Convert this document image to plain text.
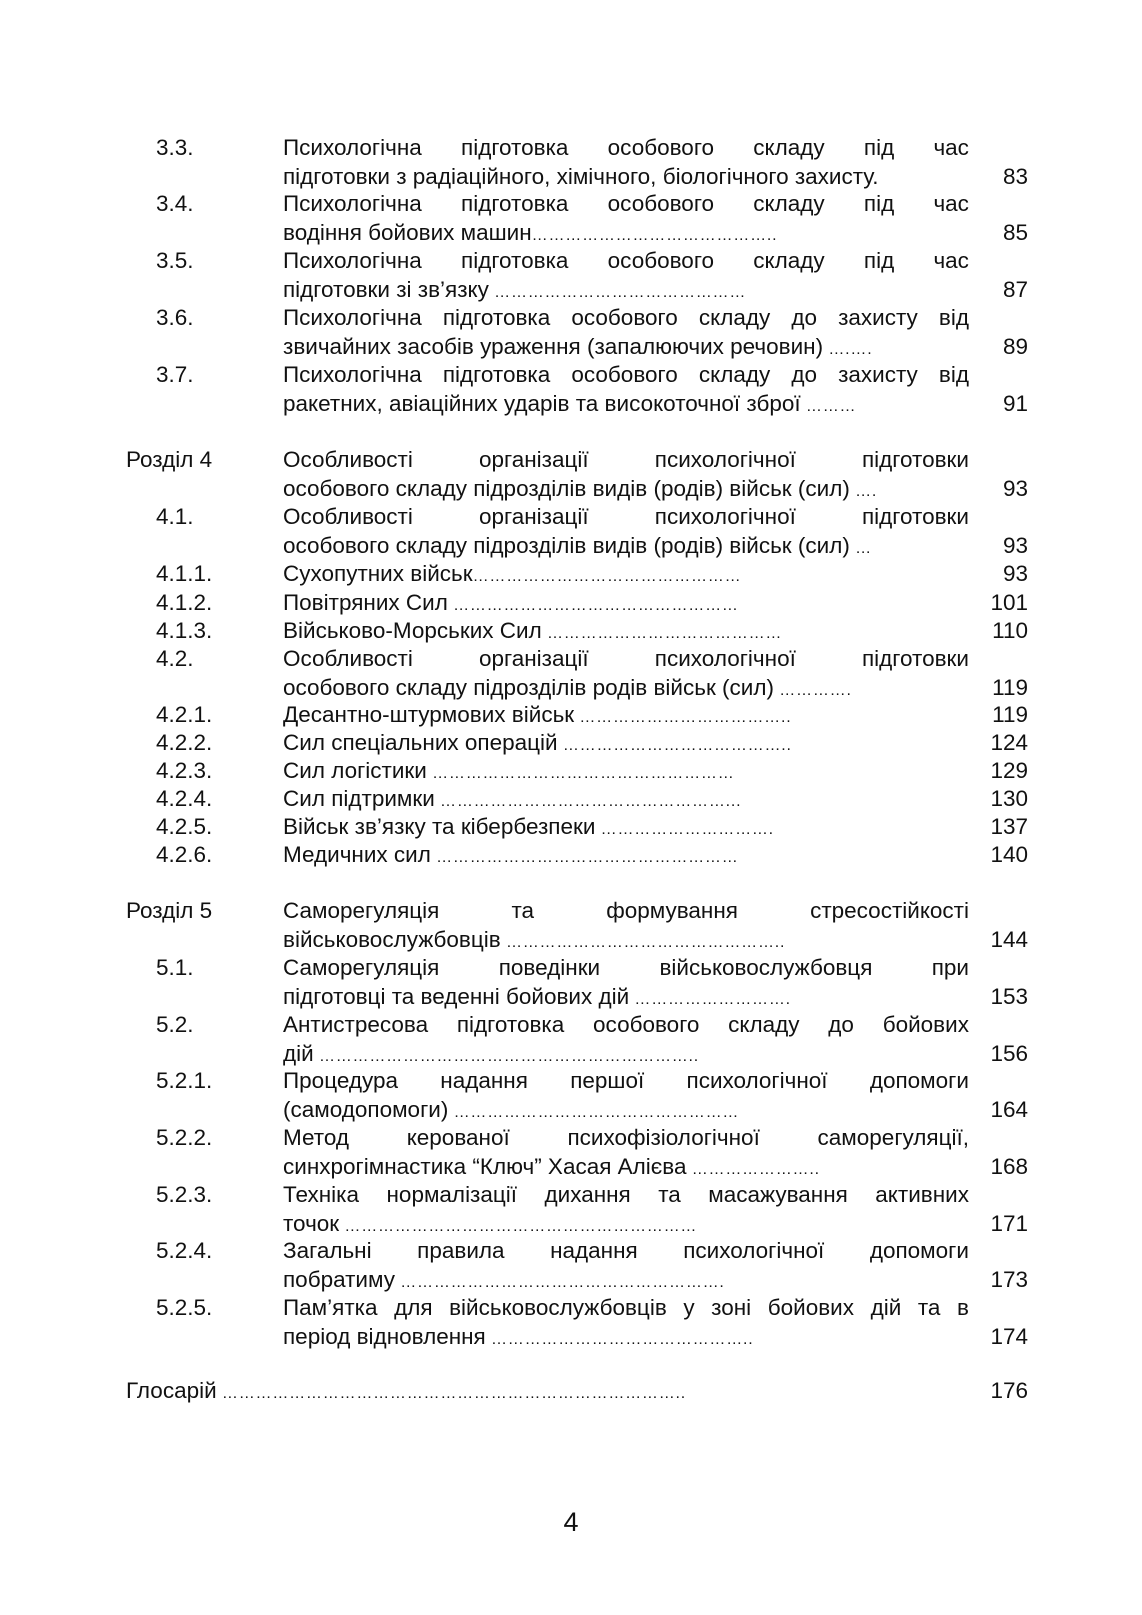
3.3.	Психологічна підготовка особового складу під час
підготовки з радіаційного, хімічного, біологічного захисту.	83
3.4.	Психологічна підготовка особового складу під час
водіння бойових машин ……………………………………..	85
3.5.	Психологічна підготовка особового складу під час
підготовки зі зв’язку ………………………………………	87
3.6.	Психологічна підготовка особового складу до захисту від
звичайних засобів ураження (запалюючих речовин) ….….	89
3.7.	Психологічна підготовка особового складу до захисту від
ракетних, авіаційних ударів та високоточної зброї ………	91
Розділ 4	Особливості	організації	психологічної	підготовки
особового складу підрозділів видів (родів) військ (сил) ….	93
4.1.	Особливості	організації	психологічної	підготовки
особового складу підрозділів видів (родів) військ (сил) …	93
4.1.1.	Сухопутних військ …………………………………………	93
4.1.2.	Повітряних Сил ……………………………………………	101
4.1.3.	Військово-Морських Сил ……………………………………	110
4.2.	Особливості	організації	психологічної	підготовки
особового складу підрозділів родів військ (сил) ………….	119
4.2.1.	Десантно-штурмових військ ………………………………..	119
4.2.2.	Сил спеціальних операцій …………………………………..	124
4.2.3.	Сил логістики ………………………………………………	129
4.2.4.	Сил підтримки ……………………………………………...	130
4.2.5.	Військ зв’язку та кібербезпеки ………………………….	137
4.2.6.	Медичних сил ………………………………………………	140
Розділ 5	Саморегуляція	та	формування	стресостійкості
військовослужбовців …………………………………………..	144
5.1.	Саморегуляція	поведінки	військовослужбовця	при
підготовці та веденні бойових дій ……………………….	153
5.2.	Антистресова підготовка особового складу до бойових
дій …………………………………………………………..	156
5.2.1.	Процедура надання першої психологічної допомоги
(самодопомоги) ……………………………………………	164
5.2.2.	Метод	керованої	психофізіологічної	саморегуляції,
синхрогімнастика “Ключ” Хасая Алієва …………………..	168
5.2.3.	Техніка нормалізації дихання та масажування активних
точок ………………………………………………………	171
5.2.4.	Загальні правила надання психологічної допомоги
побратиму ………………………………………………….	173
5.2.5.	Пам’ятка для військовослужбовців у зоні бойових дій та в
період відновлення ………………………………………..	174
Глосарій ………………………………………………………………………..	176
4
